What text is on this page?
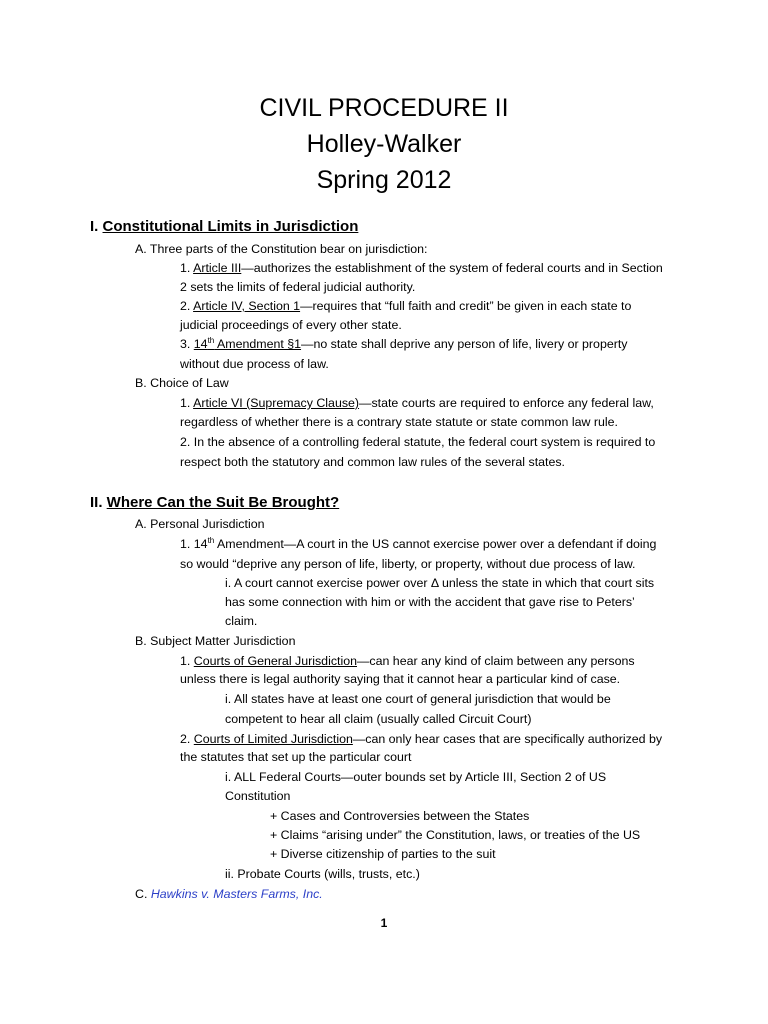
CIVIL PROCEDURE II

Holley-Walker

Spring 2012

I. Constitutional Limits in Jurisdiction
A. Three parts of the Constitution bear on jurisdiction:
1. Article III—authorizes the establishment of the system of federal courts and in Section
2 sets the limits of federal judicial authority.
2. Article IV, Section 1—requires that “full faith and credit” be given in each state to
judicial proceedings of every other state.
3. 14th Amendment §1—no state shall deprive any person of life, livery or property
without due process of law.
B. Choice of Law
1. Article VI (Supremacy Clause)—state courts are required to enforce any federal law,
regardless of whether there is a contrary state statute or state common law rule.
2. In the absence of a controlling federal statute, the federal court system is required to
respect both the statutory and common law rules of the several states.
II. Where Can the Suit Be Brought?
A. Personal Jurisdiction
1. 14th Amendment—A court in the US cannot exercise power over a defendant if doing
so would “deprive any person of life, liberty, or property, without due process of law.
i. A court cannot exercise power over Δ unless the state in which that court sits
has some connection with him or with the accident that gave rise to Peters’
claim.
B. Subject Matter Jurisdiction
1. Courts of General Jurisdiction—can hear any kind of claim between any persons
unless there is legal authority saying that it cannot hear a particular kind of case.
i. All states have at least one court of general jurisdiction that would be
competent to hear all claim (usually called Circuit Court)
2. Courts of Limited Jurisdiction—can only hear cases that are specifically authorized by
the statutes that set up the particular court
i. ALL Federal Courts—outer bounds set by Article III, Section 2 of US
Constitution
+ Cases and Controversies between the States
+ Claims “arising under” the Constitution, laws, or treaties of the US
+ Diverse citizenship of parties to the suit
ii. Probate Courts (wills, trusts, etc.)
C. Hawkins v. Masters Farms, Inc.
1
